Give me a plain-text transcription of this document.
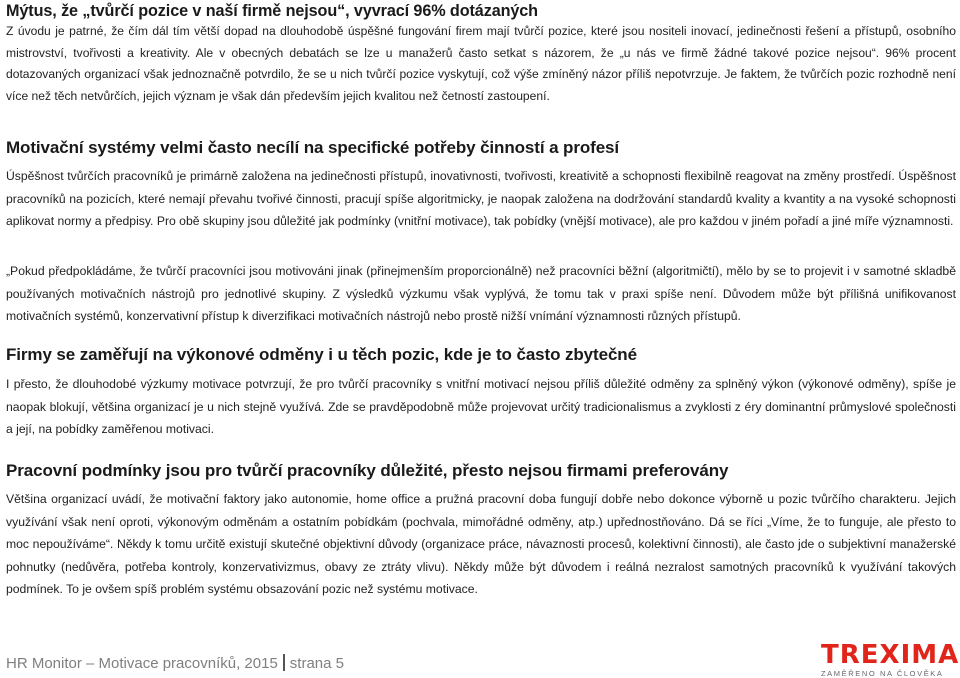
Mýtus, že „tvůrčí pozice v naší firmě nejsou“, vyvrací 96% dotázaných

Z úvodu je patrné, že čím dál tím větší dopad na dlouhodobě úspěšné fungování firem mají tvůrčí pozice, které jsou nositeli inovací, jedinečnosti řešení a přístupů, osobního mistrovství, tvořivosti a kreativity. Ale v obecných debatách se lze u manažerů často setkat s názorem, že „u nás ve firmě žádné takové pozice nejsou“. 96% procent dotazovaných organizací však jednoznačně potvrdilo, že se u nich tvůrčí pozice vyskytují, což výše zmíněný názor příliš nepotvrzuje. Je faktem, že tvůrčích pozic rozhodně není více než těch netvůrčích, jejich význam je však dán především jejich kvalitou než četností zastoupení.

Motivační systémy velmi často necílí na specifické potřeby činností a profesí

Úspěšnost tvůrčích pracovníků je primárně založena na jedinečnosti přístupů, inovativnosti, tvořivosti, kreativitě a schopnosti flexibilně reagovat na změny prostředí. Úspěšnost pracovníků na pozicích, které nemají převahu tvořivé činnosti, pracují spíše algoritmicky, je naopak založena na dodržování standardů kvality a kvantity a na vysoké schopnosti aplikovat normy a předpisy. Pro obě skupiny jsou důležité jak podmínky (vnitřní motivace), tak pobídky (vnější motivace), ale pro každou v jiném pořadí a jiné míře významnosti.

„Pokud předpokládáme, že tvůrčí pracovníci jsou motivováni jinak (přinejmenším proporcionálně) než pracovníci běžní (algoritmičtí), mělo by se to projevit i v samotné skladbě používaných motivačních nástrojů pro jednotlivé skupiny. Z výsledků výzkumu však vyplývá, že tomu tak v praxi spíše není. Důvodem může být přílišná unifikovanost motivačních systémů, konzervativní přístup k diverzifikaci motivačních nástrojů nebo prostě nižší vnímání významnosti různých přístupů.

Firmy se zaměřují na výkonové odměny i u těch pozic, kde je to často zbytečné

I přesto, že dlouhodobé výzkumy motivace potvrzují, že pro tvůrčí pracovníky s vnitřní motivací nejsou příliš důležité odměny za splněný výkon (výkonové odměny), spíše je naopak blokují, většina organizací je u nich stejně využívá. Zde se pravděpodobně může projevovat určitý tradicionalismus a zvyklosti z éry dominantní průmyslové společnosti a její, na pobídky zaměřenou motivaci.

Pracovní podmínky jsou pro tvůrčí pracovníky důležité, přesto nejsou firmami preferovány

Většina organizací uvádí, že motivační faktory jako autonomie, home office a pružná pracovní doba fungují dobře nebo dokonce výborně u pozic tvůrčího charakteru. Jejich využívání však není oproti, výkonovým odměnám a ostatním pobídkám (pochvala, mimořádné odměny, atp.) upřednostňováno. Dá se říci „Víme, že to funguje, ale přesto to moc nepoužíváme“. Někdy k tomu určitě existují skutečné objektivní důvody (organizace práce, návaznosti procesů, kolektivní činnosti), ale často jde o subjektivní manažerské pohnutky (nedůvěra, potřeba kontroly, konzervativizmus, obavy ze ztráty vlivu). Někdy může být důvodem i reálná nezralost samotných pracovníků k využívání takových podmínek. To je ovšem spíš problém systému obsazování pozic než systému motivace.

HR Monitor – Motivace pracovníků, 2015 strana 5	TREXIMA
ZAMĚŘENO NA ČLOVĚKA
